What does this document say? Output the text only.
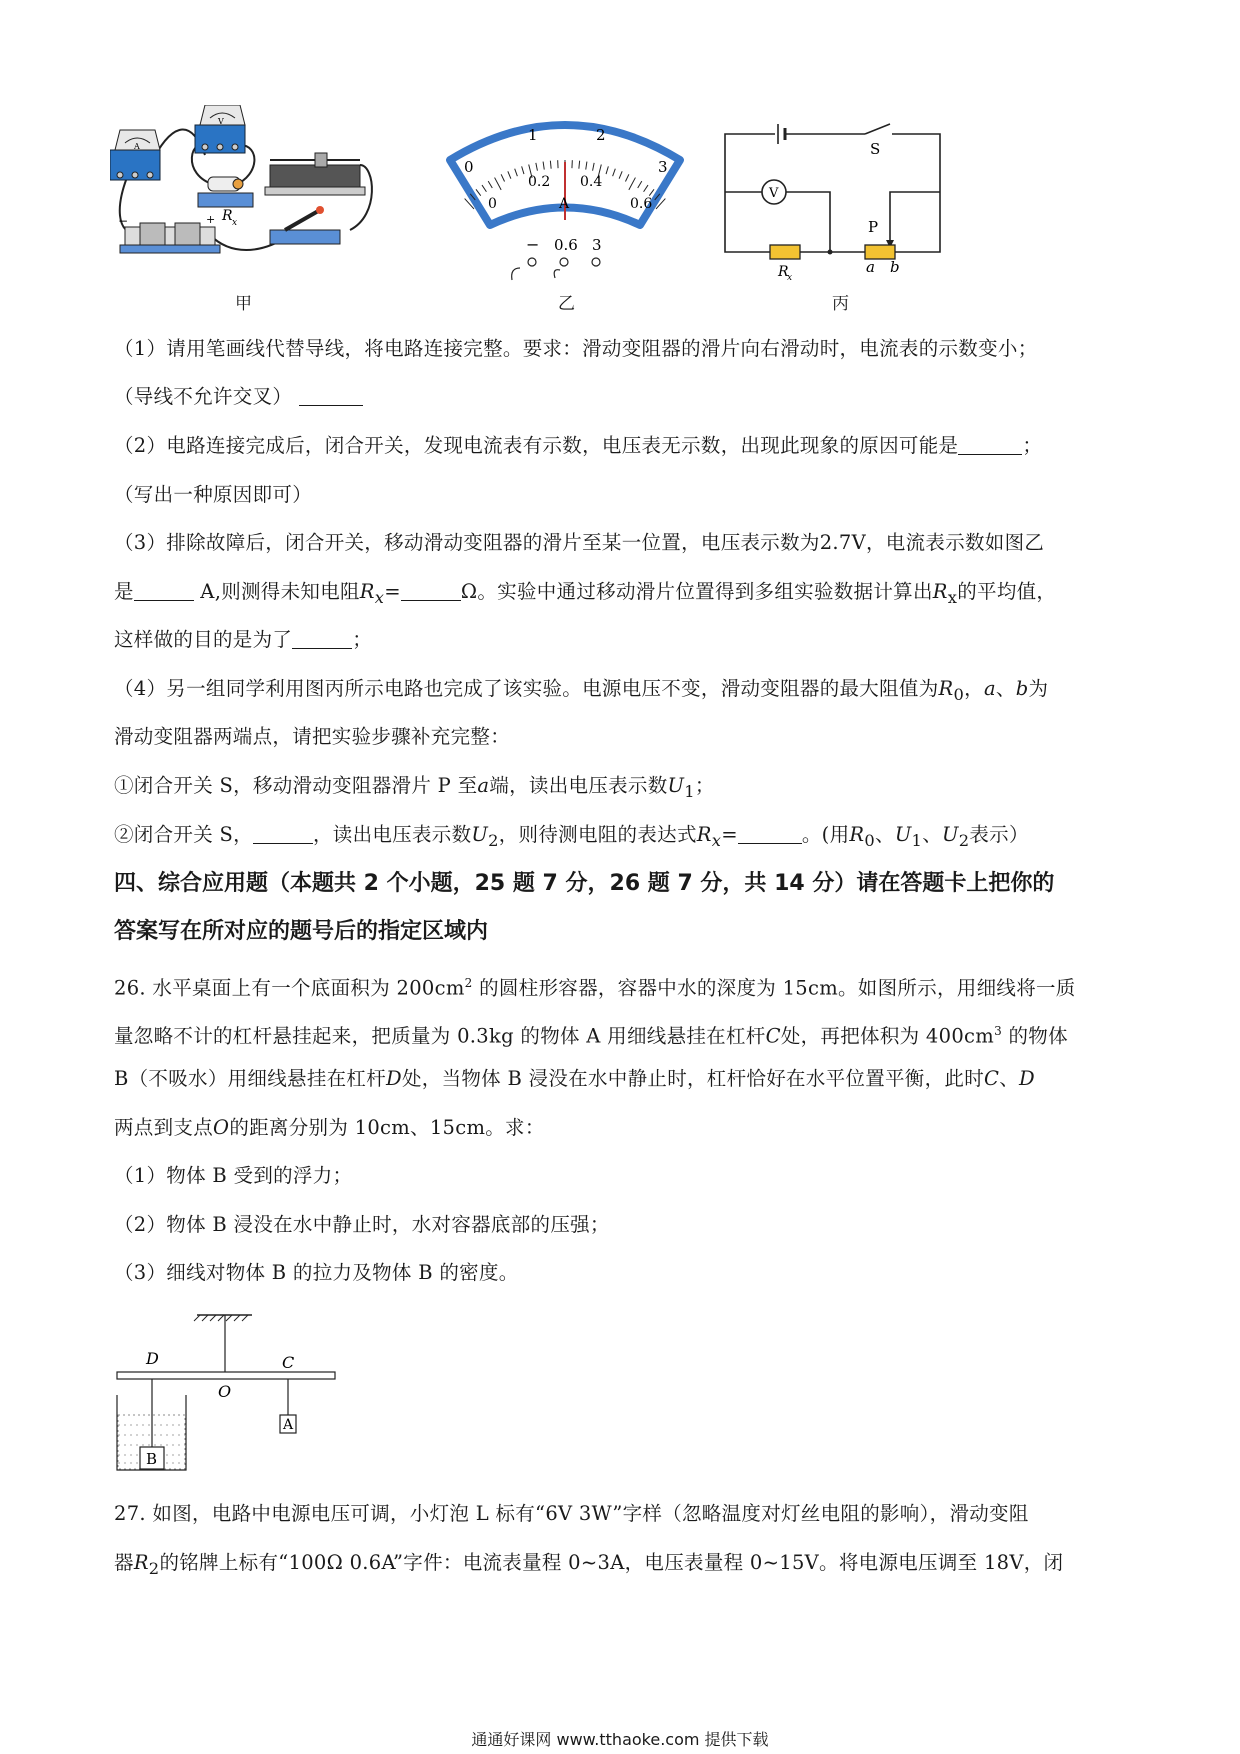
A
V
R x
+
−
甲
0
1	2
3
0
0.2 0.4
0.6
A
− 0.6 3
乙
S
V
P
R
x
a b
丙
（1）请用笔画线代替导线，将电路连接完整。要求：滑动变阻器的滑片向右滑动时，电流表的示数变小；
（导线不允许交叉）
（2）电路连接完成后，闭合开关，发现电流表有示数，电压表无示数，出现此现象的原因可能是	；
（写出一种原因即可）
（3）排除故障后，闭合开关，移动滑动变阻器的滑片至某一位置，电压表示数为2.7V，电流表示数如图乙
是	A,则测得未知电阻$R_x=$	Ω。实验中通过移动滑片位置得到多组实验数据计算出$R_x$的平均值，
这样做的目的是为了	；
（4）另一组同学利用图丙所示电路也完成了该实验。电源电压不变，滑动变阻器的最大阻值为$R_0$，a、b为
滑动变阻器两端点，请把实验步骤补充完整：
①闭合开关 S，移动滑动变阻器滑片 P 至a端，读出电压表示数$U_1$；
②闭合开关 S，	，读出电压表示数$U_2$，则待测电阻的表达式$R_x=$	。(用$R_0$、$U_1$、$U_2$表示）
四、综合应用题（本题共 2 个小题，25 题 7 分，26 题 7 分，共 14 分）请在答题卡上把你的
答案写在所对应的题号后的指定区域内
26. 水平桌面上有一个底面积为 $200cm^2$ 的圆柱形容器，容器中水的深度为 15cm。如图所示，用细线将一质
量忽略不计的杠杆悬挂起来，把质量为 0.3kg 的物体 A 用细线悬挂在杠杆C处，再把体积为 $400cm^3$ 的物体
B（不吸水）用细线悬挂在杠杆D处，当物体 B 浸没在水中静止时，杠杆恰好在水平位置平衡，此时C、D
两点到支点O的距离分别为 10cm、15cm。求：
（1）物体 B 受到的浮力；
（2）物体 B 浸没在水中静止时，水对容器底部的压强；
（3）细线对物体 B 的拉力及物体 B 的密度。
D
O
C
A
B
27. 如图，电路中电源电压可调，小灯泡 L 标有“6V 3W”字样（忽略温度对灯丝电阻的影响），滑动变阻
器$R_2$的铭牌上标有“100Ω 0.6A”字件：电流表量程 0~3A，电压表量程 0~15V。将电源电压调至 18V，闭
通通好课网 www.tthaoke.com 提供下载
